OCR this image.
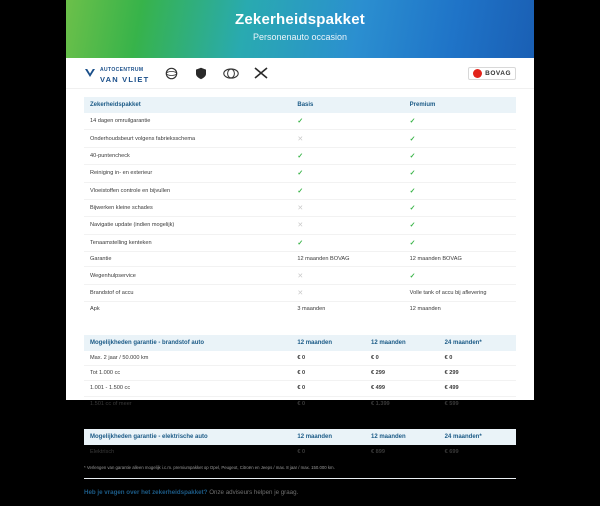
Zekerheidspakket
Personenauto occasion
AUTOCENTRUM
VAN VLIET
BOVAG
Zekerheidspakket	Basis	Premium
14 dagen omruilgarantie	✓	✓
Onderhoudsbeurt volgens fabrieksschema	✕	✓
40-puntencheck	✓	✓
Reiniging in- en exterieur	✓	✓
Vloeistoffen controle en bijvullen	✓	✓
Bijwerken kleine schades	✕	✓
Navigatie update (indien mogelijk)	✕	✓
Tenaamstelling kenteken	✓	✓
Garantie	12 maanden BOVAG	12 maanden BOVAG
Wegenhulpservice	✕	✓
Brandstof of accu	✕	Volle tank of accu bij aflevering
Apk	3 maanden	12 maanden
Mogelijkheden garantie - brandstof auto	12 maanden	12 maanden	24 maanden*
Max. 2 jaar / 50.000 km	€ 0	€ 0	€ 0
Tot 1.000 cc	€ 0	€ 299	€ 299
1.001 - 1.500 cc	€ 0	€ 499	€ 499
1.501 cc of meer	€ 0	€ 1.399	€ 599
Mogelijkheden garantie - elektrische auto	12 maanden	12 maanden	24 maanden*
Elektrisch	€ 0	€ 899	€ 699
* Verlengen van garantie alleen mogelijk i.c.m. premiumpakket op Opel, Peugeot, Citroën en Jeeps / max. 8 jaar / max. 150.000 km.
Heb je vragen over het zekerheidspakket? Onze adviseurs helpen je graag.
